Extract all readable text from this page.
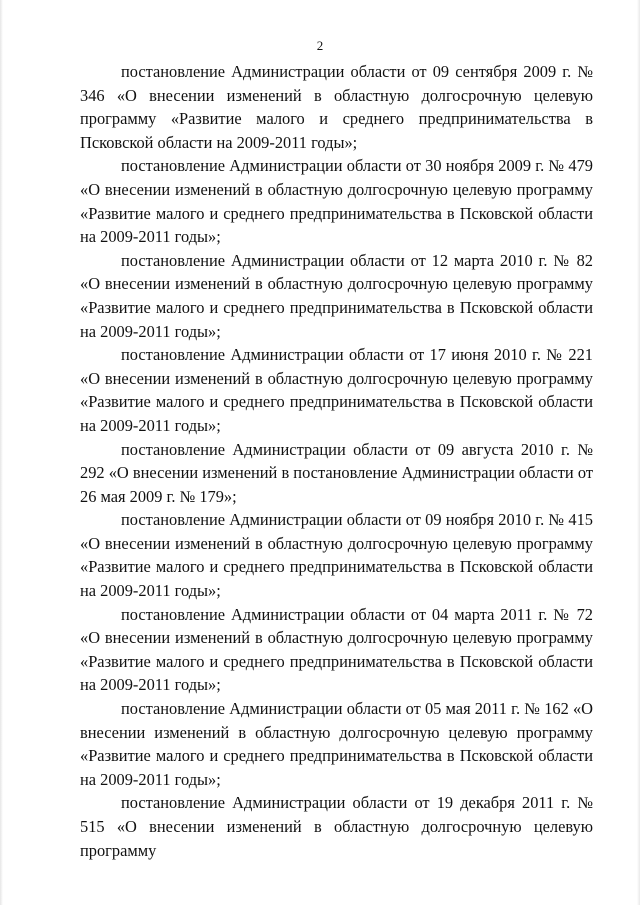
2

постановление Администрации области от 09 сентября 2009 г. № 346 «О внесении изменений в областную долгосрочную целевую программу «Развитие малого и среднего предпринимательства в Псковской области на 2009-2011 годы»;

постановление Администрации области от 30 ноября 2009 г. № 479 «О внесении изменений в областную долгосрочную целевую программу «Развитие малого и среднего предпринимательства в Псковской области на 2009-2011 годы»;

постановление Администрации области от 12 марта 2010 г. № 82 «О внесении изменений в областную долгосрочную целевую программу «Развитие малого и среднего предпринимательства в Псковской области на 2009-2011 годы»;

постановление Администрации области от 17 июня 2010 г. № 221 «О внесении изменений в областную долгосрочную целевую программу «Развитие малого и среднего предпринимательства в Псковской области на 2009-2011 годы»;

постановление Администрации области от 09 августа 2010 г. № 292 «О внесении изменений в постановление Администрации области от 26 мая 2009 г. № 179»;

постановление Администрации области от 09 ноября 2010 г. № 415 «О внесении изменений в областную долгосрочную целевую программу «Развитие малого и среднего предпринимательства в Псковской области на 2009-2011 годы»;

постановление Администрации области от 04 марта 2011 г. № 72 «О внесении изменений в областную долгосрочную целевую программу «Развитие малого и среднего предпринимательства в Псковской области на 2009-2011 годы»;

постановление Администрации области от 05 мая 2011 г. № 162 «О внесении изменений в областную долгосрочную целевую программу «Развитие малого и среднего предпринимательства в Псковской области на 2009-2011 годы»;

постановление Администрации области от 19 декабря 2011 г. № 515 «О внесении изменений в областную долгосрочную целевую программу
